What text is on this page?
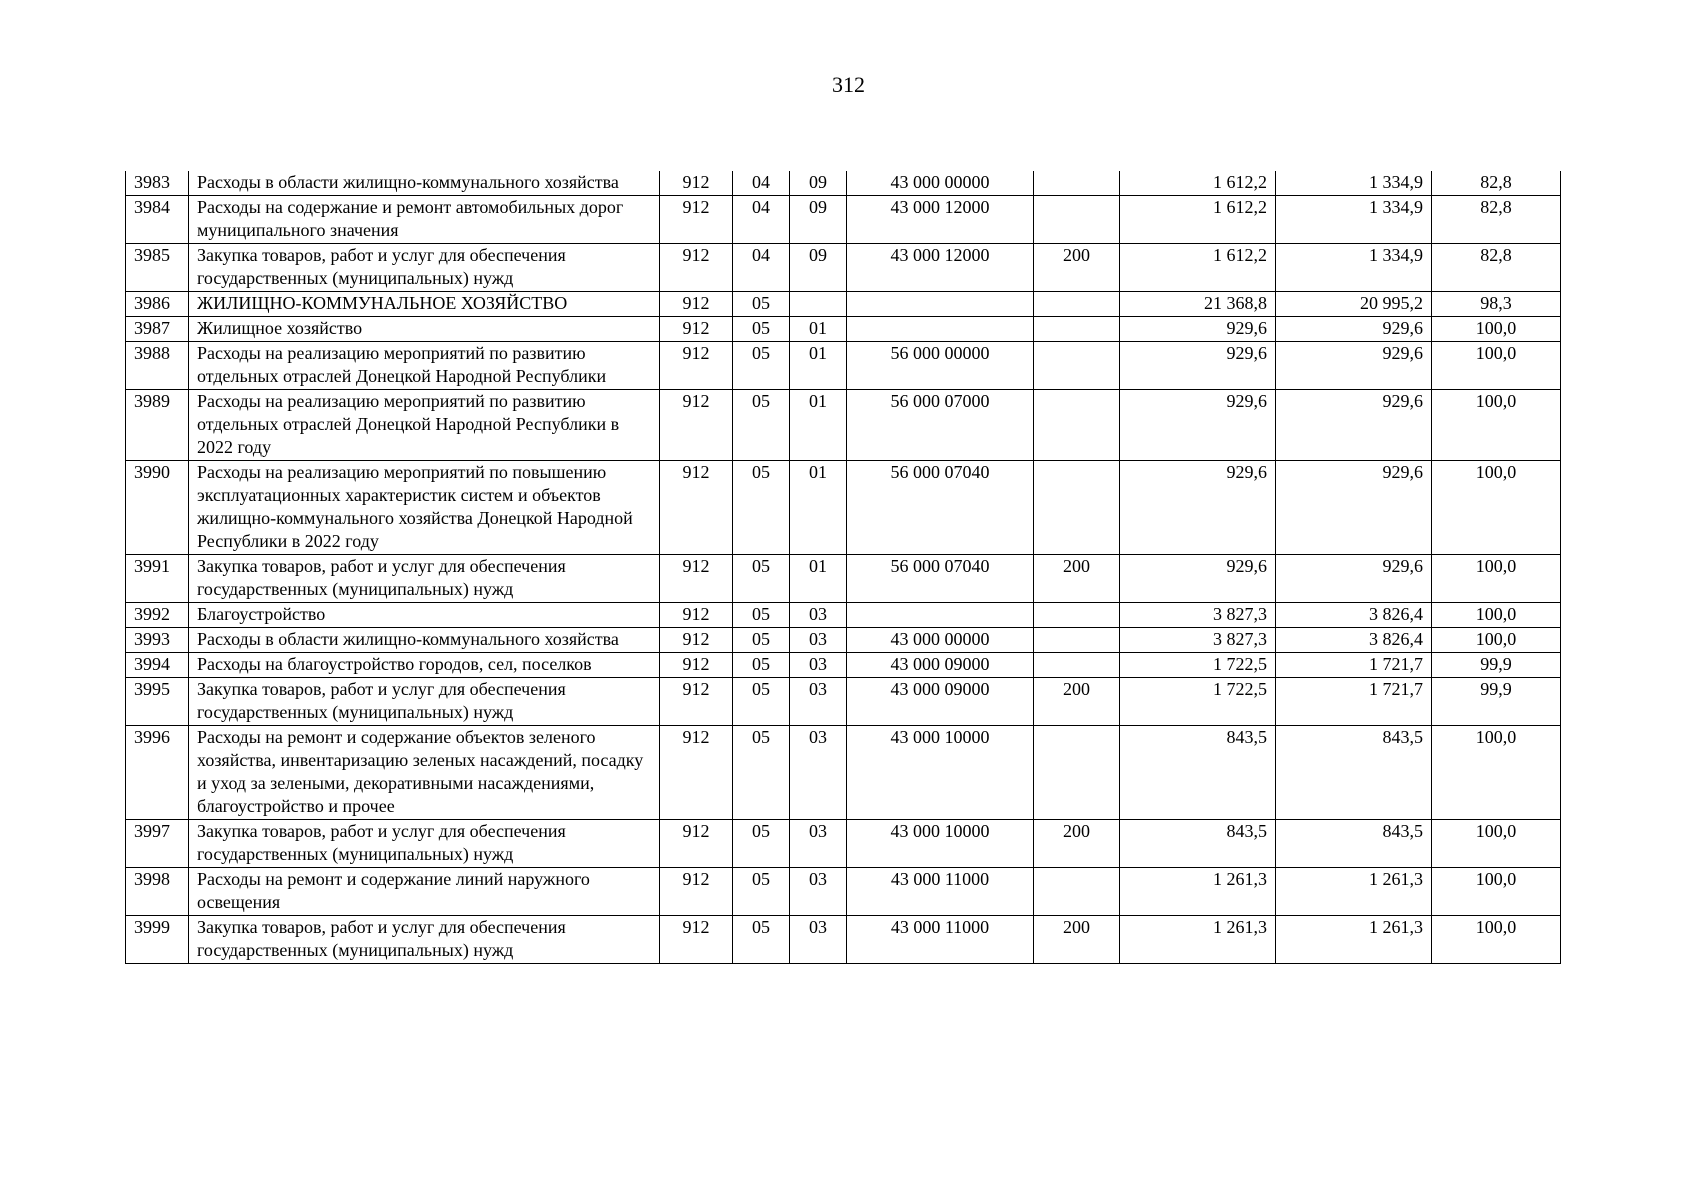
312
3983	Расходы в области жилищно-коммунального хозяйства	912	04	09	43 000 00000		1 612,2	1 334,9	82,8
3984	Расходы на содержание и ремонт автомобильных дорог муниципального значения	912	04	09	43 000 12000		1 612,2	1 334,9	82,8
3985	Закупка товаров, работ и услуг для обеспечения государственных (муниципальных) нужд	912	04	09	43 000 12000	200	1 612,2	1 334,9	82,8
3986	ЖИЛИЩНО-КОММУНАЛЬНОЕ ХОЗЯЙСТВО	912	05				21 368,8	20 995,2	98,3
3987	Жилищное хозяйство	912	05	01			929,6	929,6	100,0
3988	Расходы на реализацию мероприятий по развитию отдельных отраслей Донецкой Народной Республики	912	05	01	56 000 00000		929,6	929,6	100,0
3989	Расходы на реализацию мероприятий по развитию отдельных отраслей Донецкой Народной Республики в 2022 году	912	05	01	56 000 07000		929,6	929,6	100,0
3990	Расходы на реализацию мероприятий по повышению эксплуатационных характеристик систем и объектов жилищно-коммунального хозяйства Донецкой Народной Республики в 2022 году	912	05	01	56 000 07040		929,6	929,6	100,0
3991	Закупка товаров, работ и услуг для обеспечения государственных (муниципальных) нужд	912	05	01	56 000 07040	200	929,6	929,6	100,0
3992	Благоустройство	912	05	03			3 827,3	3 826,4	100,0
3993	Расходы в области жилищно-коммунального хозяйства	912	05	03	43 000 00000		3 827,3	3 826,4	100,0
3994	Расходы на благоустройство городов, сел, поселков	912	05	03	43 000 09000		1 722,5	1 721,7	99,9
3995	Закупка товаров, работ и услуг для обеспечения государственных (муниципальных) нужд	912	05	03	43 000 09000	200	1 722,5	1 721,7	99,9
3996	Расходы на ремонт и содержание объектов зеленого хозяйства, инвентаризацию зеленых насаждений, посадку и уход за зелеными, декоративными насаждениями, благоустройство и прочее	912	05	03	43 000 10000		843,5	843,5	100,0
3997	Закупка товаров, работ и услуг для обеспечения государственных (муниципальных) нужд	912	05	03	43 000 10000	200	843,5	843,5	100,0
3998	Расходы на ремонт и содержание линий наружного освещения	912	05	03	43 000 11000		1 261,3	1 261,3	100,0
3999	Закупка товаров, работ и услуг для обеспечения государственных (муниципальных) нужд	912	05	03	43 000 11000	200	1 261,3	1 261,3	100,0
